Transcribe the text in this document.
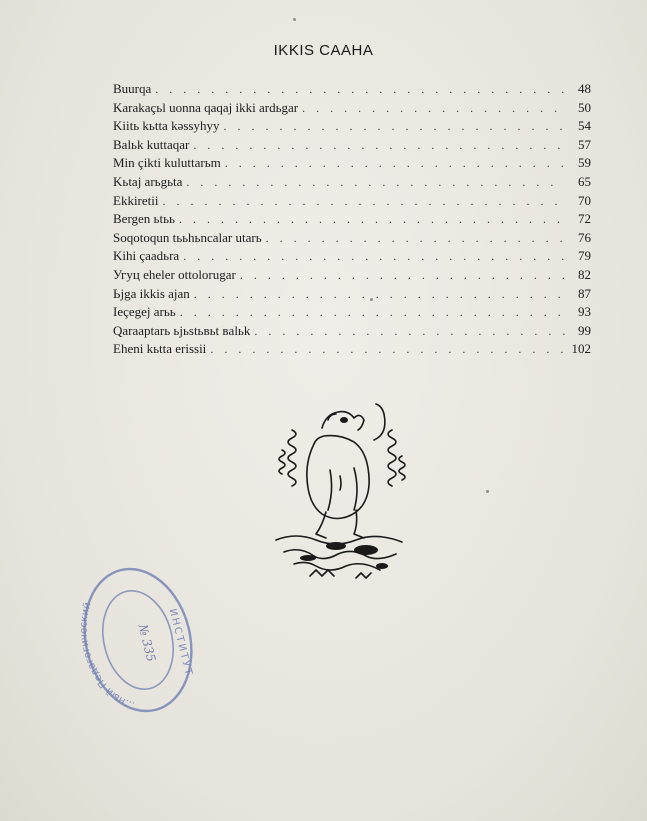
IKKIS CAAHA
Buurqa . . .	48
Karakaçьl uonna qaqaj ikki ardьgar . . .	50
Kiitь kьtta kəssyhyy . . .	54
Balьk kuttaqar . . .	57
Min çikti kuluttarьm . . .	59
Kьtaj arьgьta . . .	65
Ekkiretii . . .	70
Bergen ьtьь . . .	72
Soqotoqun tььhьncalar utarь . . .	76
Kihi çaadьra . . .	79
Угуц eheler ottolorugar . . .	82
Ьjga ikkis ajan . . .	87
Ieçegej arьь . . .	93
Qaraaptarь ьjьstьвьt вalьk . . .	99
Eheni kьtta erissii . . .	102
...ный Педагогический
ИНСТИТУТ
№ 335
